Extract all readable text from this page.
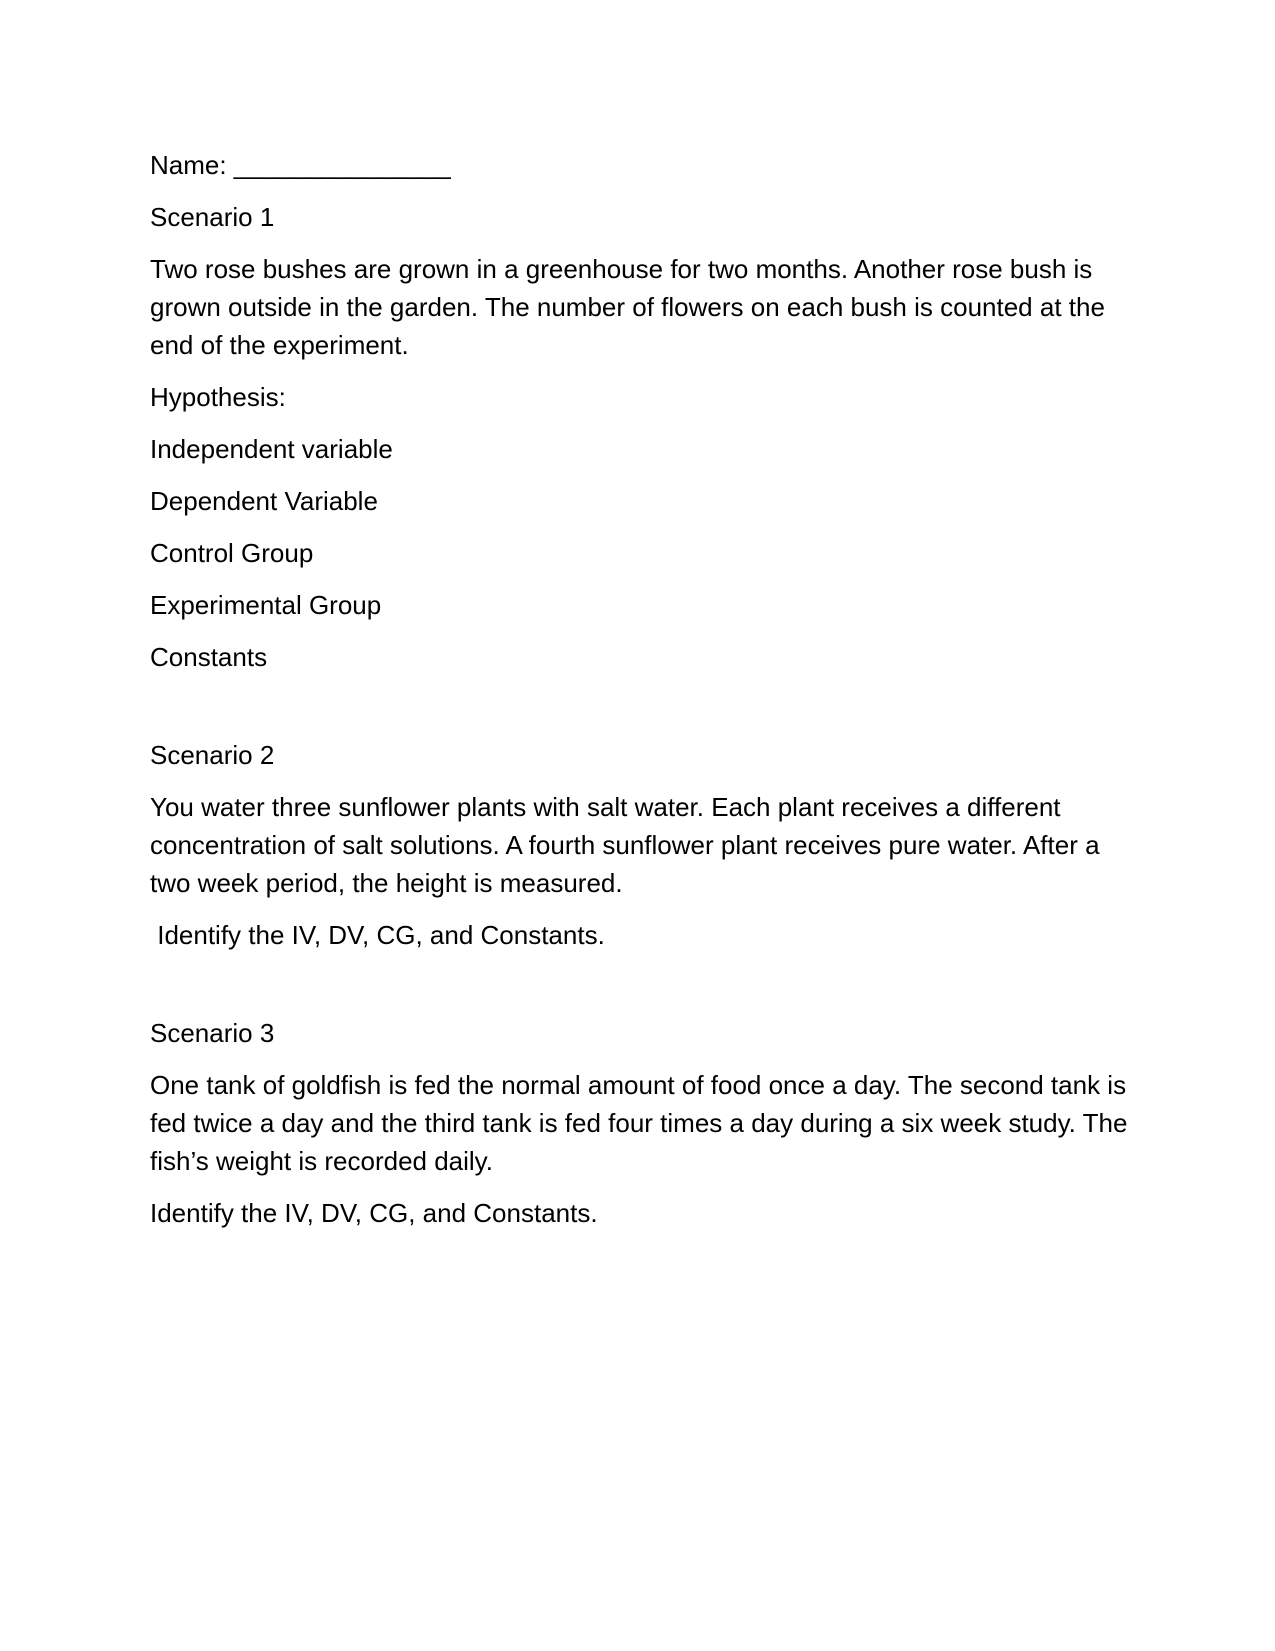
Name: _______________

Scenario 1

Two rose bushes are grown in a greenhouse for two months. Another rose bush is grown outside in the garden. The number of flowers on each bush is counted at the end of the experiment.

Hypothesis:

Independent variable

Dependent Variable

Control Group

Experimental Group

Constants

Scenario 2

You water three sunflower plants with salt water. Each plant receives a different concentration of salt solutions. A fourth sunflower plant receives pure water. After a two week period, the height is measured.

Identify the IV, DV, CG, and Constants.

Scenario 3

One tank of goldfish is fed the normal amount of food once a day. The second tank is fed twice a day and the third tank is fed four times a day during a six week study. The fish’s weight is recorded daily.

Identify the IV, DV, CG, and Constants.
